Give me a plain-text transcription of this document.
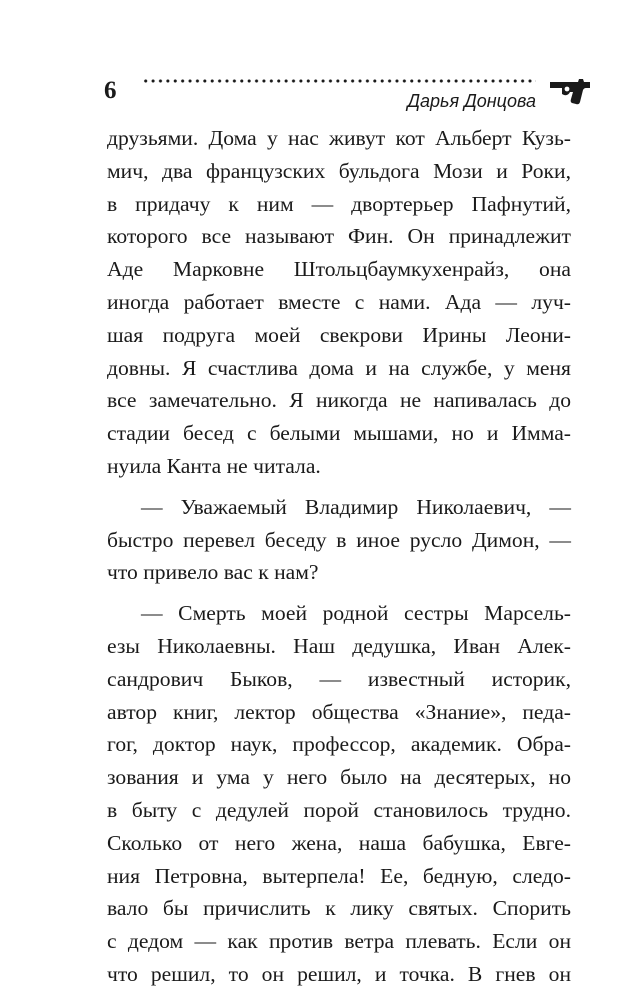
6	Дарья Донцова
друзьями. Дома у нас живут кот Альберт Кузь-
мич, два французских бульдога Мози и Роки,
в придачу к ним — двортерьер Пафнутий,
которого все называют Фин. Он принадлежит
Аде Марковне Штольцбаумкухенрайз, она
иногда работает вместе с нами. Ада — луч-
шая подруга моей свекрови Ирины Леони-
довны. Я счастлива дома и на службе, у меня
все замечательно. Я никогда не напивалась до
стадии бесед с белыми мышами, но и Имма-
нуила Канта не читала.
— Уважаемый Владимир Николаевич, —
быстро перевел беседу в иное русло Димон, —
что привело вас к нам?
— Смерть моей родной сестры Марсель-
езы Николаевны. Наш дедушка, Иван Алек-
сандрович Быков, — известный историк,
автор книг, лектор общества «Знание», педа-
гог, доктор наук, профессор, академик. Обра-
зования и ума у него было на десятерых, но
в быту с дедулей порой становилось трудно.
Сколько от него жена, наша бабушка, Евге-
ния Петровна, вытерпела! Ее, бедную, следо-
вало бы причислить к лику святых. Спорить
с дедом — как против ветра плевать. Если он
что решил, то он решил, и точка. В гнев он
